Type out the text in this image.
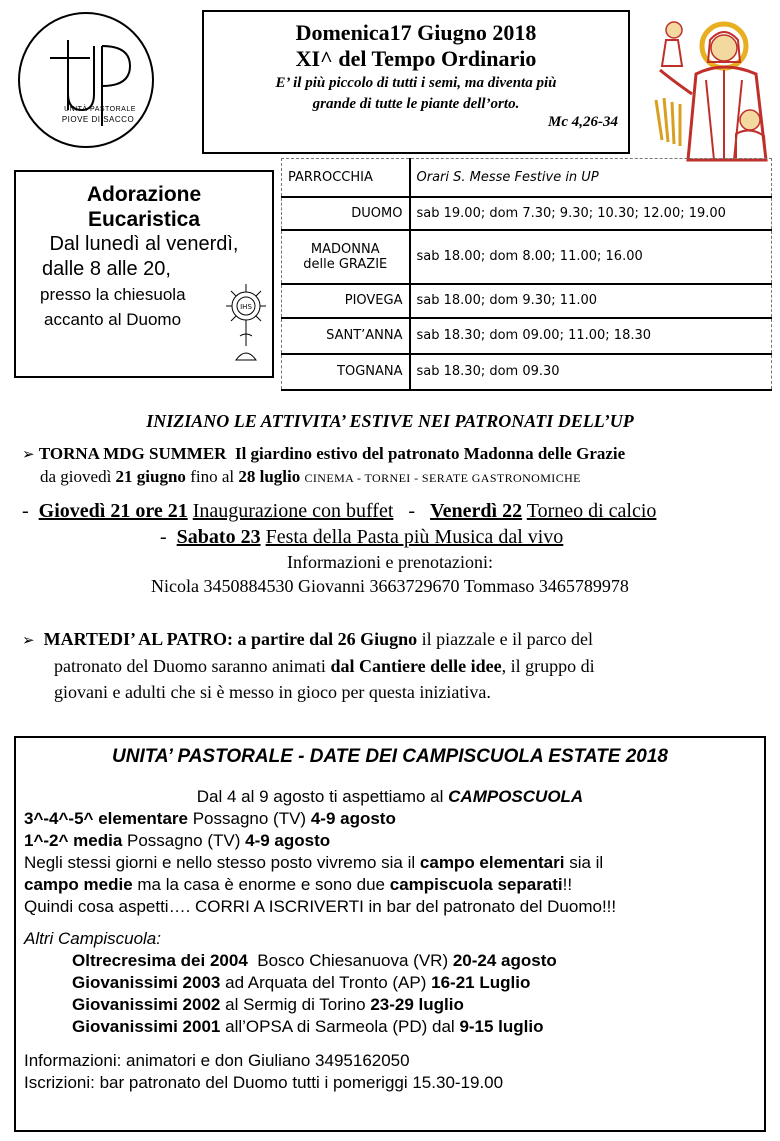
UNITÀ PASTORALE
PIOVE DI SACCO
Domenica17 Giugno 2018
XI^ del Tempo Ordinario
E’ il più piccolo di tutti i semi, ma diventa più
grande di tutte le piante dell’orto.
Mc 4,26-34
Adorazione
Eucaristica
Dal lunedì al venerdì,
dalle 8 alle 20,
presso la chiesuola
accanto al Duomo
IHS
PARROCCHIA	Orari S. Messe Festive in UP
DUOMO	sab 19.00; dom 7.30; 9.30; 10.30; 12.00; 19.00
MADONNA
delle GRAZIE	sab 18.00; dom 8.00; 11.00; 16.00
PIOVEGA	sab 18.00; dom 9.30; 11.00
SANT’ANNA	sab 18.30; dom 09.00; 11.00; 18.30
TOGNANA	sab 18.30; dom 09.30
INIZIANO LE ATTIVITA’ ESTIVE NEI PATRONATI DELL’UP
➢ TORNA MDG SUMMER Il giardino estivo del patronato Madonna delle Grazie
da giovedì 21 giugno fino al 28 luglio CINEMA - TORNEI - SERATE GASTRONOMICHE
-  Giovedì 21 ore 21 Inaugurazione con buffet   -   Venerdì 22 Torneo di calcio
-  Sabato 23 Festa della Pasta più Musica dal vivo
Informazioni e prenotazioni:
Nicola 3450884530 Giovanni 3663729670 Tommaso 3465789978
➢ MARTEDI’ AL PATRO: a partire dal 26 Giugno il piazzale e il parco del
patronato del Duomo saranno animati dal Cantiere delle idee, il gruppo di
giovani e adulti che si è messo in gioco per questa iniziativa.
UNITA’ PASTORALE - DATE DEI CAMPISCUOLA ESTATE 2018
Dal 4 al 9 agosto ti aspettiamo al CAMPOSCUOLA
3^-4^-5^ elementare Possagno (TV) 4-9 agosto
1^-2^ media Possagno (TV) 4-9 agosto
Negli stessi giorni e nello stesso posto vivremo sia il campo elementari sia il
campo medie ma la casa è enorme e sono due campiscuola separati!!
Quindi cosa aspetti…. CORRI A ISCRIVERTI in bar del patronato del Duomo!!!
Altri Campiscuola:
Oltrecresima dei 2004 Bosco Chiesanuova (VR) 20-24 agosto
Giovanissimi 2003 ad Arquata del Tronto (AP) 16-21 Luglio
Giovanissimi 2002 al Sermig di Torino 23-29 luglio
Giovanissimi 2001 all’OPSA di Sarmeola (PD) dal 9-15 luglio
Informazioni: animatori e don Giuliano 3495162050
Iscrizioni: bar patronato del Duomo tutti i pomeriggi 15.30-19.00
